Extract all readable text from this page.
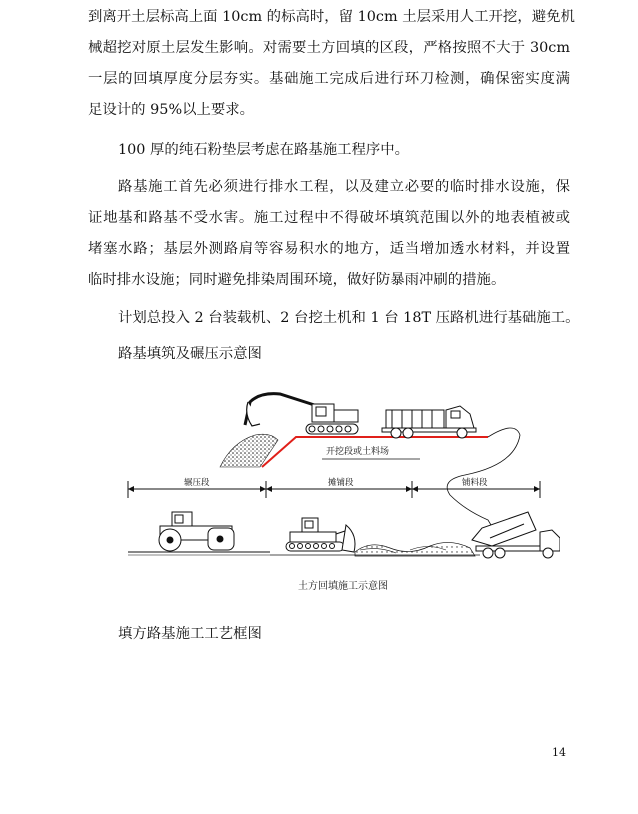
到离开土层标高上面 10cm 的标高时，留 10cm 土层采用人工开挖，避免机
械超挖对原土层发生影响。对需要土方回填的区段，严格按照不大于 30cm
一层的回填厚度分层夯实。基础施工完成后进行环刀检测，确保密实度满
足设计的 95%以上要求。
100 厚的纯石粉垫层考虑在路基施工程序中。
路基施工首先必须进行排水工程，以及建立必要的临时排水设施，保
证地基和路基不受水害。施工过程中不得破坏填筑范围以外的地表植被或
堵塞水路；基层外测路肩等容易积水的地方，适当增加透水材料，并设置
临时排水设施；同时避免排染周围环境，做好防暴雨冲刷的措施。
计划总投入 2 台装载机、2 台挖土机和 1 台 18T 压路机进行基础施工。
路基填筑及碾压示意图
开挖段或土料场
辗压段	摊铺段	铺料段
土方回填施工示意图
填方路基施工工艺框图
14
